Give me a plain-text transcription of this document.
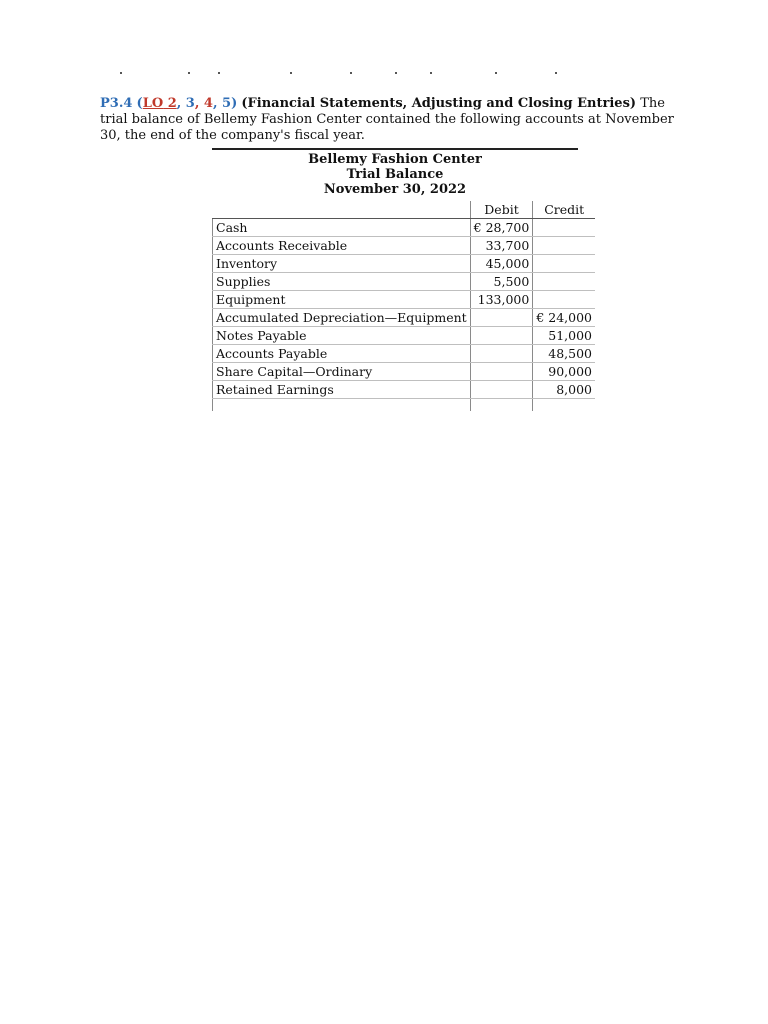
P3.4 (LO 2, 3, 4, 5) (Financial Statements, Adjusting and Closing Entries) The trial balance of Bellemy Fashion Center contained the following accounts at November 30, the end of the company's fiscal year.
Bellemy Fashion Center
Trial Balance
November 30, 2022
	Debit	Credit
Cash	€ 28,700	
Accounts Receivable	33,700	
Inventory	45,000	
Supplies	5,500	
Equipment	133,000	
Accumulated Depreciation—Equipment		€ 24,000
Notes Payable		51,000
Accounts Payable		48,500
Share Capital—Ordinary		90,000
Retained Earnings		8,000
